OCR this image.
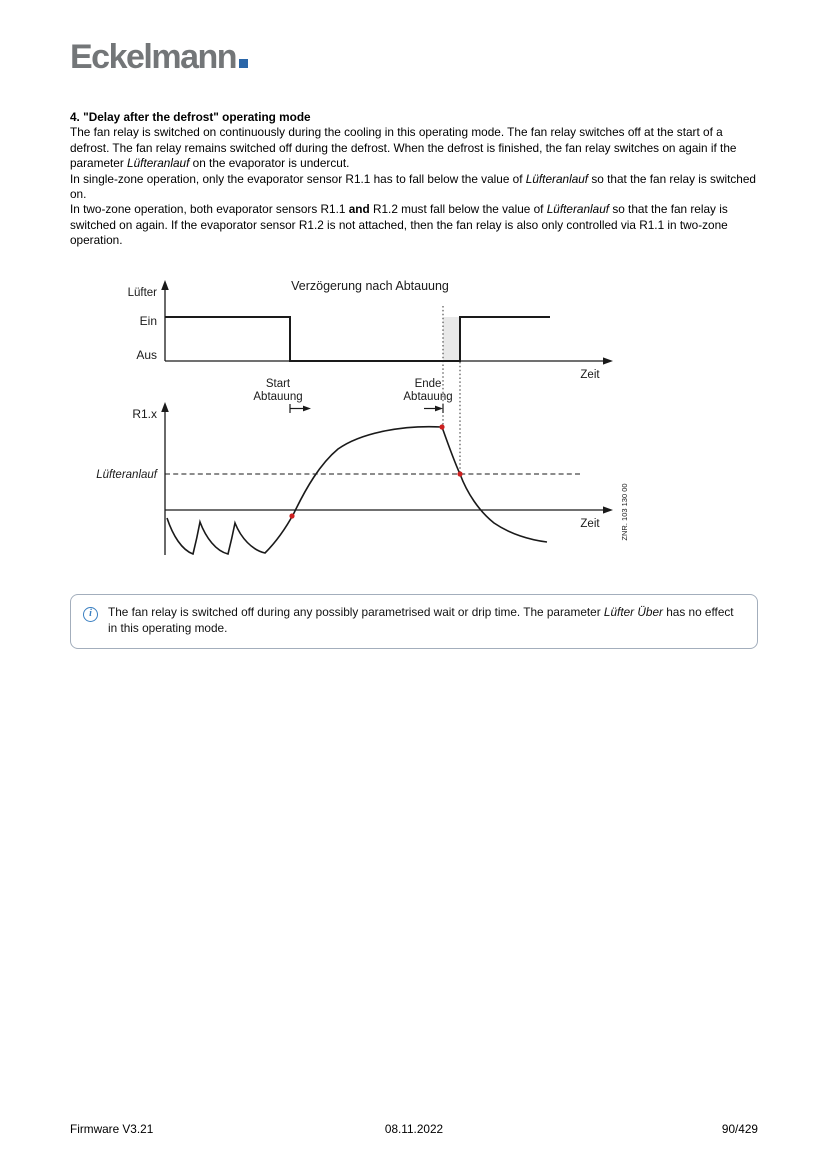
Eckelmann
4. "Delay after the defrost" operating mode
The fan relay is switched on continuously during the cooling in this operating mode. The fan relay switches off at the start of a defrost. The fan relay remains switched off during the defrost. When the defrost is finished, the fan relay switches on again if the parameter Lüfteranlauf on the evaporator is undercut.
In single-zone operation, only the evaporator sensor R1.1 has to fall below the value of Lüfteranlauf so that the fan relay is switched on.
In two-zone operation, both evaporator sensors R1.1 and R1.2 must fall below the value of Lüfteranlauf so that the fan relay is switched on again. If the evaporator sensor R1.2 is not attached, then the fan relay is also only controlled via R1.1 in two-zone operation.
Verzögerung nach Abtauung
Lüfter
Ein
Aus
Zeit
Start
Abtauung
Ende
Abtauung
R1.x
Zeit
Lüfteranlauf
ZNR. 103 130 00
i	The fan relay is switched off during any possibly parametrised wait or drip time. The parameter Lüfter Über has no effect in this operating mode.
Firmware V3.21	08.11.2022	90/429
